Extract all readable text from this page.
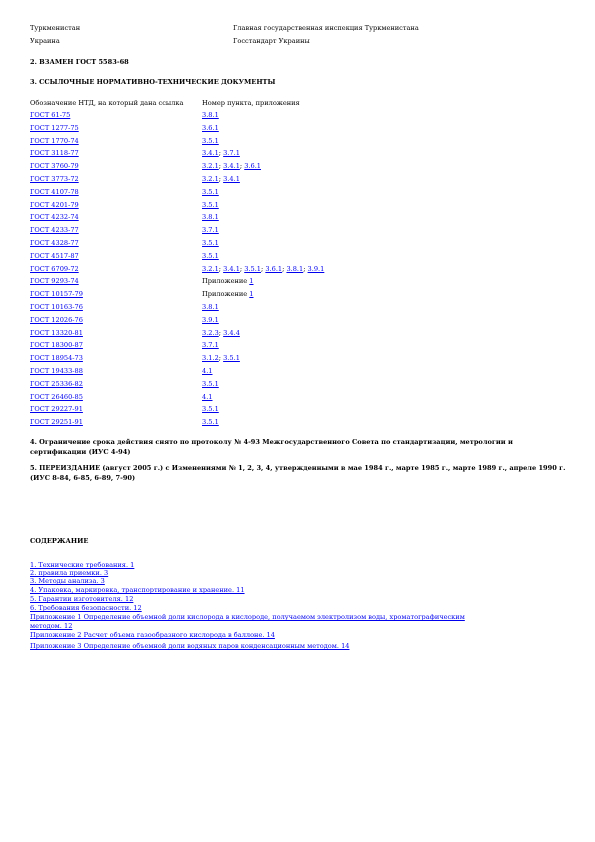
Туркменистан	Главная государственная инспекция Туркменистана
Украина	Госстандарт Украины
2. ВЗАМЕН ГОСТ 5583-68
3. ССЫЛОЧНЫЕ НОРМАТИВНО-ТЕХНИЧЕСКИЕ ДОКУМЕНТЫ
Обозначение НТД, на который дана ссылка	Номер пункта, приложения
ГОСТ 61-75	3.8.1
ГОСТ 1277-75	3.6.1
ГОСТ 1770-74	3.5.1
ГОСТ 3118-77	3.4.1; 3.7.1
ГОСТ 3760-79	3.2.1; 3.4.1; 3.6.1
ГОСТ 3773-72	3.2.1; 3.4.1
ГОСТ 4107-78	3.5.1
ГОСТ 4201-79	3.5.1
ГОСТ 4232-74	3.8.1
ГОСТ 4233-77	3.7.1
ГОСТ 4328-77	3.5.1
ГОСТ 4517-87	3.5.1
ГОСТ 6709-72	3.2.1; 3.4.1; 3.5.1; 3.6.1; 3.8.1; 3.9.1
ГОСТ 9293-74	Приложение 1
ГОСТ 10157-79	Приложение 1
ГОСТ 10163-76	3.8.1
ГОСТ 12026-76	3.9.1
ГОСТ 13320-81	3.2.3; 3.4.4
ГОСТ 18300-87	3.7.1
ГОСТ 18954-73	3.1.2; 3.5.1
ГОСТ 19433-88	4.1
ГОСТ 25336-82	3.5.1
ГОСТ 26460-85	4.1
ГОСТ 29227-91	3.5.1
ГОСТ 29251-91	3.5.1
4. Ограничение срока действия снято по протоколу № 4-93 Межгосударственного Совета по стандартизации, метрологии и сертификации (ИУС 4-94)
5. ПЕРЕИЗДАНИЕ (август 2005 г.) с Изменениями № 1, 2, 3, 4, утвержденными в мае 1984 г., марте 1985 г., марте 1989 г., апреле 1990 г. (ИУС 8-84, 6-85, 6-89, 7-90)
СОДЕРЖАНИЕ
1. Технические требования. 1
2. правила приемки. 3
3. Методы анализа. 3
4. Упаковка, маркировка, транспортирование и хранение. 11
5. Гарантии изготовителя. 12
6. Требования безопасности. 12
Приложение 1 Определение объемной доли кислорода в кислороде, получаемом электролизом воды, хроматографическим
методом. 12
Приложение 2 Расчет объема газообразного кислорода в баллоне. 14
Приложение 3 Определение объемной доли водяных паров конденсационным методом. 14
